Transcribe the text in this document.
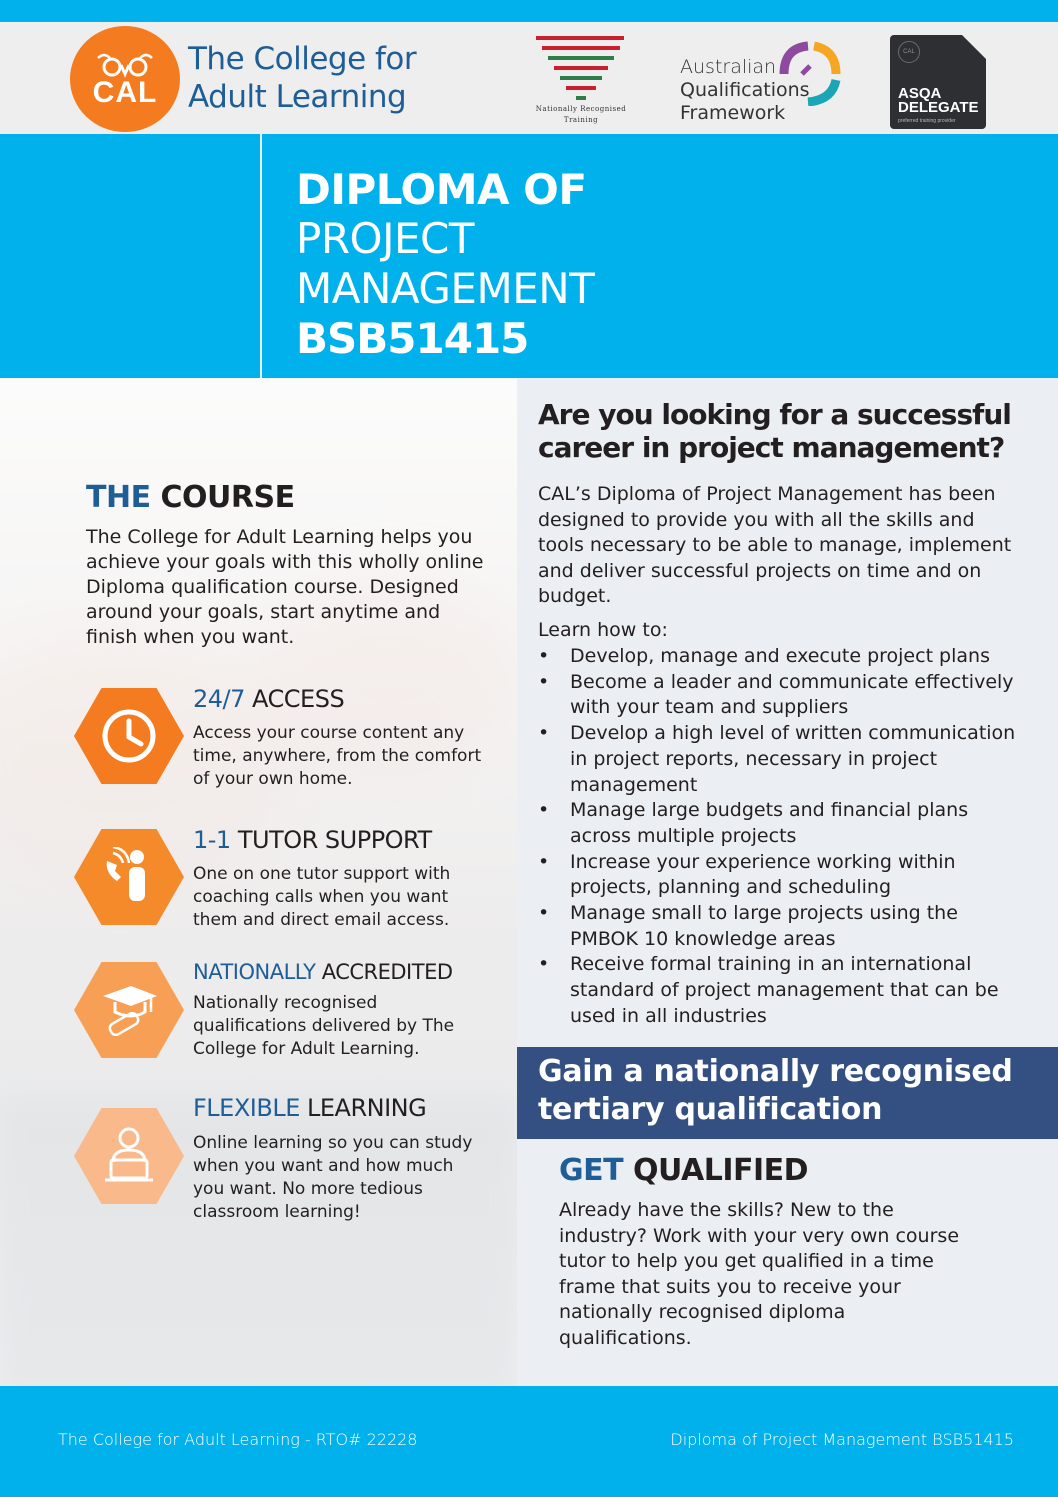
CAL
The College for
Adult Learning	Nationally Recognised
Training
Australian
Qualifications
Framework
CAL
ASQA
DELEGATE
preferred training provider
DIPLOMA OF
PROJECT
MANAGEMENT
BSB51415
THE COURSE

The College for Adult Learning helps you achieve your goals with this wholly online Diploma qualification course. Designed around your goals, start anytime and finish when you want.

24/7 ACCESS
Access your course content any time, anywhere, from the comfort of your own home.
1-1 TUTOR SUPPORT
One on one tutor support with coaching calls when you want them and direct email access.
NATIONALLY ACCREDITED
Nationally recognised qualifications delivered by The College for Adult Learning.
FLEXIBLE LEARNING
Online learning so you can study when you want and how much you want. No more tedious classroom learning!
Are you looking for a successful career in project management?

CAL’s Diploma of Project Management has been designed to provide you with all the skills and tools necessary to be able to manage, implement and deliver successful projects on time and on budget.

Learn how to:
• Develop, manage and execute project plans
• Become a leader and communicate effectively with your team and suppliers
• Develop a high level of written communication in project reports, necessary in project management
• Manage large budgets and financial plans across multiple projects
• Increase your experience working within projects, planning and scheduling
• Manage small to large projects using the PMBOK 10 knowledge areas
• Receive formal training in an international standard of project management that can be used in all industries
Gain a nationally recognised tertiary qualification
GET QUALIFIED

Already have the skills? New to the industry? Work with your very own course tutor to help you get qualified in a time frame that suits you to receive your nationally recognised diploma qualifications.

The College for Adult Learning - RTO# 22228	Diploma of Project Management BSB51415
